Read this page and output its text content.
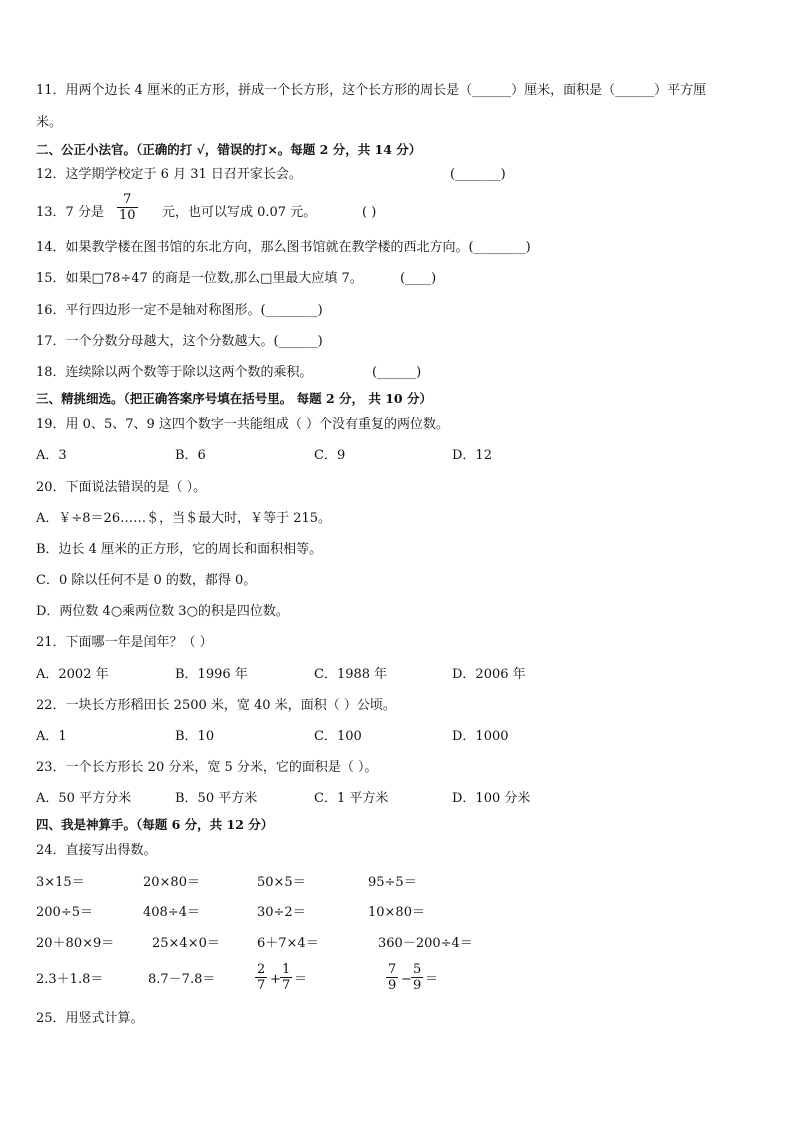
11．用两个边长 4 厘米的正方形，拼成一个长方形，这个长方形的周长是（______）厘米，面积是（______）平方厘
米。
二、公正小法官。（正确的打 √，错误的打×。每题 2 分，共 14 分）
12．这学期学校定于 6 月 31 日召开家长会。	(_______)
13．7 分是 $\frac{7}{10}$ 元，也可以写成 0.07 元。	( )
14．如果教学楼在图书馆的东北方向，那么图书馆就在教学楼的西北方向。(________)
15．如果□78÷47 的商是一位数,那么□里最大应填 7。	(____)
16．平行四边形一定不是轴对称图形。(________)
17．一个分数分母越大，这个分数越大。(______)
18．连续除以两个数等于除以这两个数的乘积。	(______)
三、精挑细选。（把正确答案序号填在括号里。 每题 2 分， 共 10 分）
19．用 0、5、7、9 这四个数字一共能组成（ ）个没有重复的两位数。
A．3	B．6	C．9	D．12
20．下面说法错误的是（ ）。
A．￥÷8＝26……＄，当＄最大时，￥等于 215。
B．边长 4 厘米的正方形，它的周长和面积相等。
C．0 除以任何不是 0 的数，都得 0。
D．两位数 4○乘两位数 3○的积是四位数。
21．下面哪一年是闰年？（ ）
A．2002 年	B．1996 年	C．1988 年	D．2006 年
22．一块长方形稻田长 2500 米，宽 40 米，面积（ ）公顷。
A．1	B．10	C．100	D．1000
23．一个长方形长 20 分米，宽 5 分米，它的面积是（ ）。
A．50 平方分米	B．50 平方米	C．1 平方米	D．100 分米
四、我是神算手。（每题 6 分，共 12 分）
24．直接写出得数。
3×15＝	20×80＝	50×5＝	95÷5＝
200÷5＝	408÷4＝	30÷2＝	10×80＝
20＋80×9＝	25×4×0＝	6＋7×4＝	360－200÷4＝
2.3＋1.8＝	8.7－7.8＝	$\frac{2}{7} + \frac{1}{7}$ ＝	$\frac{7}{9} - \frac{5}{9}$ ＝
25．用竖式计算。
